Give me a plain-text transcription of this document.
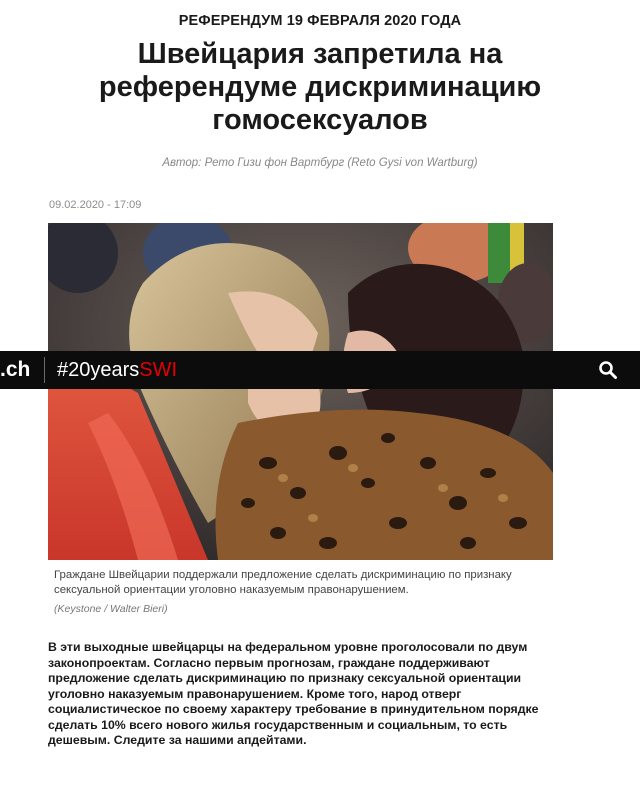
РЕФЕРЕНДУМ 19 ФЕВРАЛЯ 2020 ГОДА
Швейцария запретила на референдуме дискриминацию гомосексуалов
Автор: Рето Гизи фон Вартбург (Reto Gysi von Wartburg)
09.02.2020 - 17:09
.ch #20yearsSWI

Граждане Швейцарии поддержали предложение сделать дискриминацию по признаку сексуальной ориентации уголовно наказуемым правонарушением.

(Keystone / Walter Bieri)

В эти выходные швейцарцы на федеральном уровне проголосовали по двум законопроектам. Согласно первым прогнозам, граждане поддерживают предложение сделать дискриминацию по признаку сексуальной ориентации уголовно наказуемым правонарушением. Кроме того, народ отверг социалистическое по своему характеру требование в принудительном порядке сделать 10% всего нового жилья государственным и социальным, то есть дешевым. Следите за нашими апдейтами.
